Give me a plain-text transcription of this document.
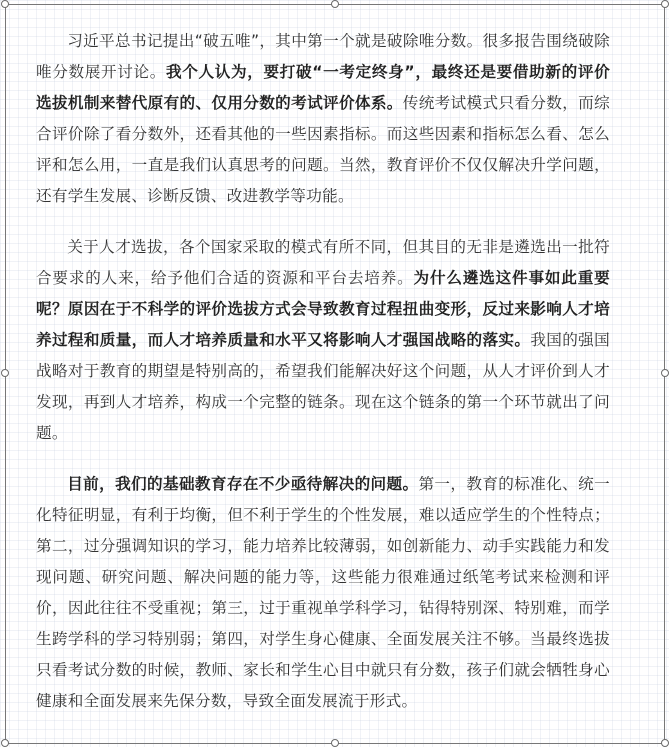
习近平总书记提出“破五唯”，其中第一个就是破除唯分数。很多报告围绕破除唯分数展开讨论。我个人认为，要打破“一考定终身”，最终还是要借助新的评价选拔机制来替代原有的、仅用分数的考试评价体系。传统考试模式只看分数，而综合评价除了看分数外，还看其他的一些因素指标。而这些因素和指标怎么看、怎么评和怎么用，一直是我们认真思考的问题。当然，教育评价不仅仅解决升学问题，还有学生发展、诊断反馈、改进教学等功能。

关于人才选拔，各个国家采取的模式有所不同，但其目的无非是遴选出一批符合要求的人来，给予他们合适的资源和平台去培养。为什么遴选这件事如此重要呢？原因在于不科学的评价选拔方式会导致教育过程扭曲变形，反过来影响人才培养过程和质量，而人才培养质量和水平又将影响人才强国战略的落实。我国的强国战略对于教育的期望是特别高的，希望我们能解决好这个问题，从人才评价到人才发现，再到人才培养，构成一个完整的链条。现在这个链条的第一个环节就出了问题。

目前，我们的基础教育存在不少亟待解决的问题。第一，教育的标准化、统一化特征明显，有利于均衡，但不利于学生的个性发展，难以适应学生的个性特点；第二，过分强调知识的学习，能力培养比较薄弱，如创新能力、动手实践能力和发现问题、研究问题、解决问题的能力等，这些能力很难通过纸笔考试来检测和评价，因此往往不受重视；第三，过于重视单学科学习，钻得特别深、特别难，而学生跨学科的学习特别弱；第四，对学生身心健康、全面发展关注不够。当最终选拔只看考试分数的时候，教师、家长和学生心目中就只有分数，孩子们就会牺牲身心健康和全面发展来先保分数，导致全面发展流于形式。
